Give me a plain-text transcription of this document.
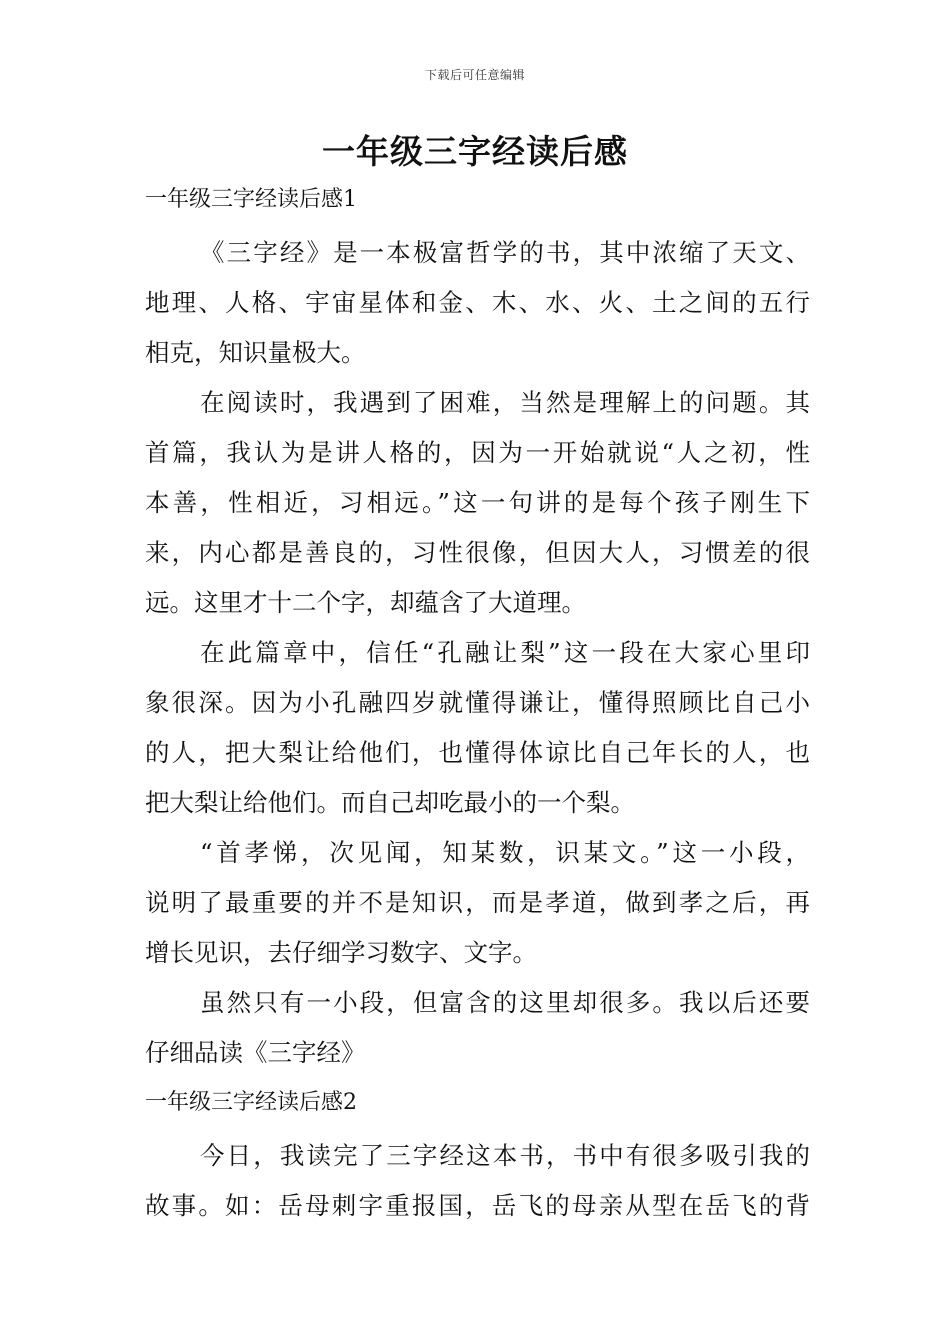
下载后可任意编辑
一年级三字经读后感
一年级三字经读后感1
《三字经》是一本极富哲学的书，其中浓缩了天文、
地理、人格、宇宙星体和金、木、水、火、土之间的五行
相克，知识量极大。
在阅读时，我遇到了困难，当然是理解上的问题。其
首篇，我认为是讲人格的，因为一开始就说“人之初，性
本善，性相近，习相远。”这一句讲的是每个孩子刚生下
来，内心都是善良的，习性很像，但因大人，习惯差的很
远。这里才十二个字，却蕴含了大道理。
在此篇章中，信任“孔融让梨”这一段在大家心里印
象很深。因为小孔融四岁就懂得谦让，懂得照顾比自己小
的人，把大梨让给他们，也懂得体谅比自己年长的人，也
把大梨让给他们。而自己却吃最小的一个梨。
“首孝悌，次见闻，知某数，识某文。”这一小段，
说明了最重要的并不是知识，而是孝道，做到孝之后，再
增长见识，去仔细学习数字、文字。
虽然只有一小段，但富含的这里却很多。我以后还要
仔细品读《三字经》
一年级三字经读后感2
今日，我读完了三字经这本书，书中有很多吸引我的
故事。如：岳母刺字重报国，岳飞的母亲从型在岳飞的背
